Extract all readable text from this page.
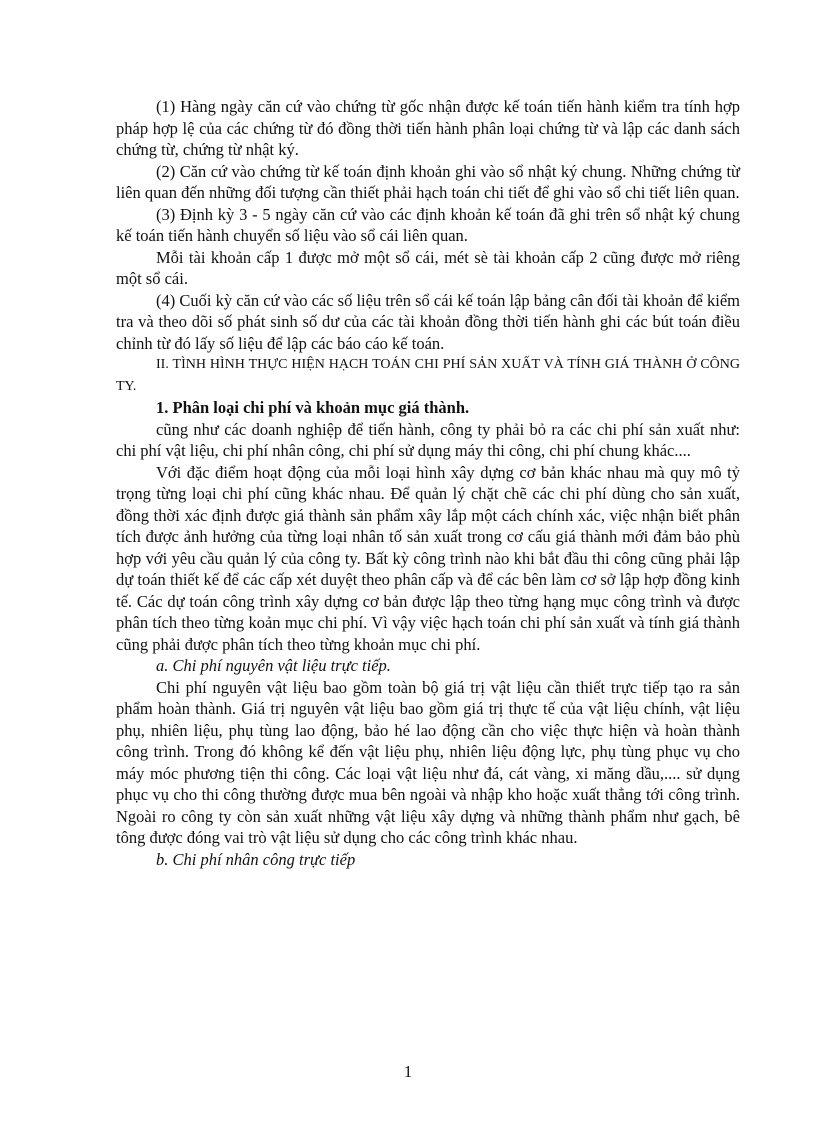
(1) Hàng ngày căn cứ vào chứng từ gốc nhận được kế toán tiến hành kiểm tra tính hợp pháp hợp lệ của các chứng từ đó đồng thời tiến hành phân loại chứng từ và lập các danh sách chứng từ, chứng từ nhật ký.

(2) Căn cứ vào chứng từ kế toán định khoản ghi vào sổ nhật ký chung. Những chứng từ liên quan đến những đối tượng cần thiết phải hạch toán chi tiết để ghi vào sổ chi tiết liên quan.

(3) Định kỳ 3 - 5 ngày căn cứ vào các định khoản kế toán đã ghi trên sổ nhật ký chung kế toán tiến hành chuyển số liệu vào sổ cái liên quan.

Mỗi tài khoản cấp 1 được mở một sổ cái, mét sè tài khoản cấp 2 cũng được mở riêng một sổ cái.

(4) Cuối kỳ căn cứ vào các số liệu trên sổ cái kế toán lập bảng cân đối tài khoản để kiểm tra và theo dõi số phát sinh số dư của các tài khoản đồng thời tiến hành ghi các bút toán điều chỉnh từ đó lấy số liệu để lập các báo cáo kế toán.

II. TÌNH HÌNH THỰC HIỆN HẠCH TOÁN CHI PHÍ SẢN XUẤT VÀ TÍNH GIÁ THÀNH Ở CÔNG TY.

1. Phân loại chi phí và khoản mục giá thành.

cũng như các doanh nghiệp để tiến hành, công ty phải bỏ ra các chi phí sản xuất như: chi phí vật liệu, chi phí nhân công, chi phí sử dụng máy thi công, chi phí chung khác....

Với đặc điểm hoạt động của mỗi loại hình xây dựng cơ bản khác nhau mà quy mô tỷ trọng từng loại chi phí cũng khác nhau. Để quản lý chặt chẽ các chi phí dùng cho sản xuất, đồng thời xác định được giá thành sản phẩm xây lắp một cách chính xác, việc nhận biết phân tích được ảnh hưởng của từng loại nhân tố sản xuất trong cơ cấu giá thành mới đảm bảo phù hợp với yêu cầu quản lý của công ty. Bất kỳ công trình nào khi bắt đầu thi công cũng phải lập dự toán thiết kế để các cấp xét duyệt theo phân cấp và để các bên làm cơ sở lập hợp đồng kinh tế. Các dự toán công trình xây dựng cơ bản được lập theo từng hạng mục công trình và được phân tích theo từng koản mục chi phí. Vì vậy việc hạch toán chi phí sản xuất và tính giá thành cũng phải được phân tích theo từng khoản mục chi phí.

a. Chi phí nguyên vật liệu trực tiếp.

Chi phí nguyên vật liệu bao gồm toàn bộ giá trị vật liệu cần thiết trực tiếp tạo ra sản phẩm hoàn thành. Giá trị nguyên vật liệu bao gồm giá trị thực tế của vật liệu chính, vật liệu phụ, nhiên liệu, phụ tùng lao động, bảo hé lao động cần cho việc thực hiện và hoàn thành công trình. Trong đó không kể đến vật liệu phụ, nhiên liệu động lực, phụ tùng phục vụ cho máy móc phương tiện thi công. Các loại vật liệu như đá, cát vàng, xi măng dầu,.... sử dụng phục vụ cho thi công thường được mua bên ngoài và nhập kho hoặc xuất thẳng tới công trình. Ngoài ro công ty còn sản xuất những vật liệu xây dựng và những thành phẩm như gạch, bê tông được đóng vai trò vật liệu sử dụng cho các công trình khác nhau.

b. Chi phí nhân công trực tiếp

1
